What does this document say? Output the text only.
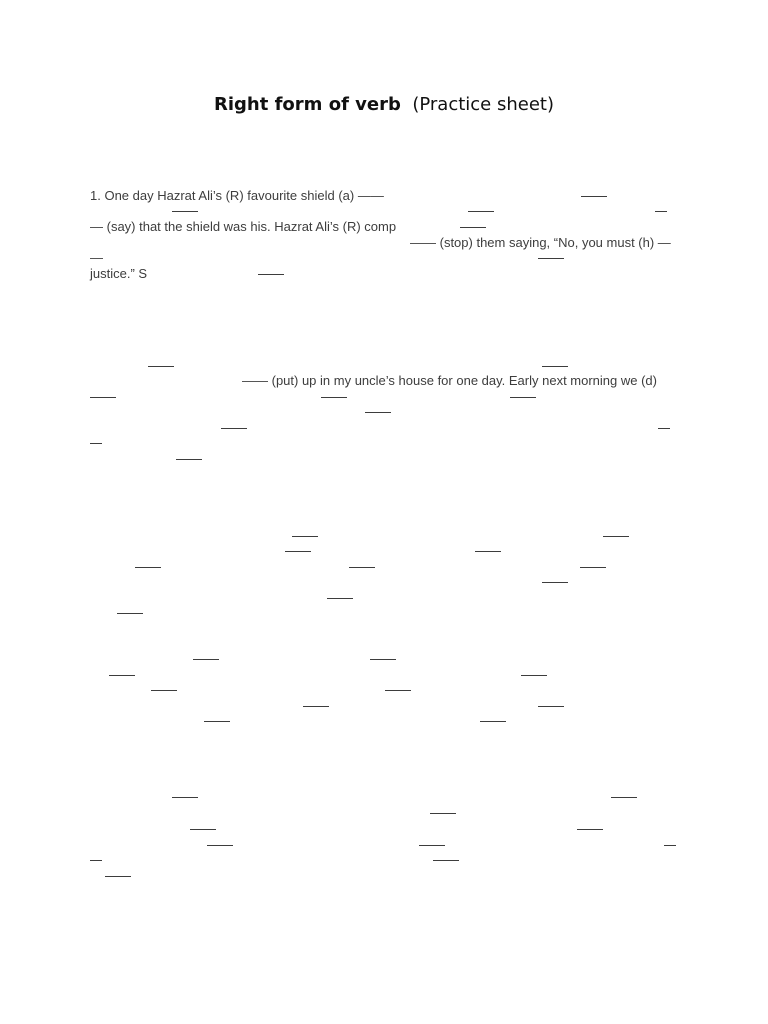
Right form of verb (Practice sheet)
1. One day Hazrat Ali’s (R) favourite shield (a) ——
— (say) that the shield was his. Hazrat Ali’s (R) comp
—— (stop) them saying, “No, you must (h) —
—
justice.” S
—— (put) up in my uncle’s house for one day. Early next morning we (d)
